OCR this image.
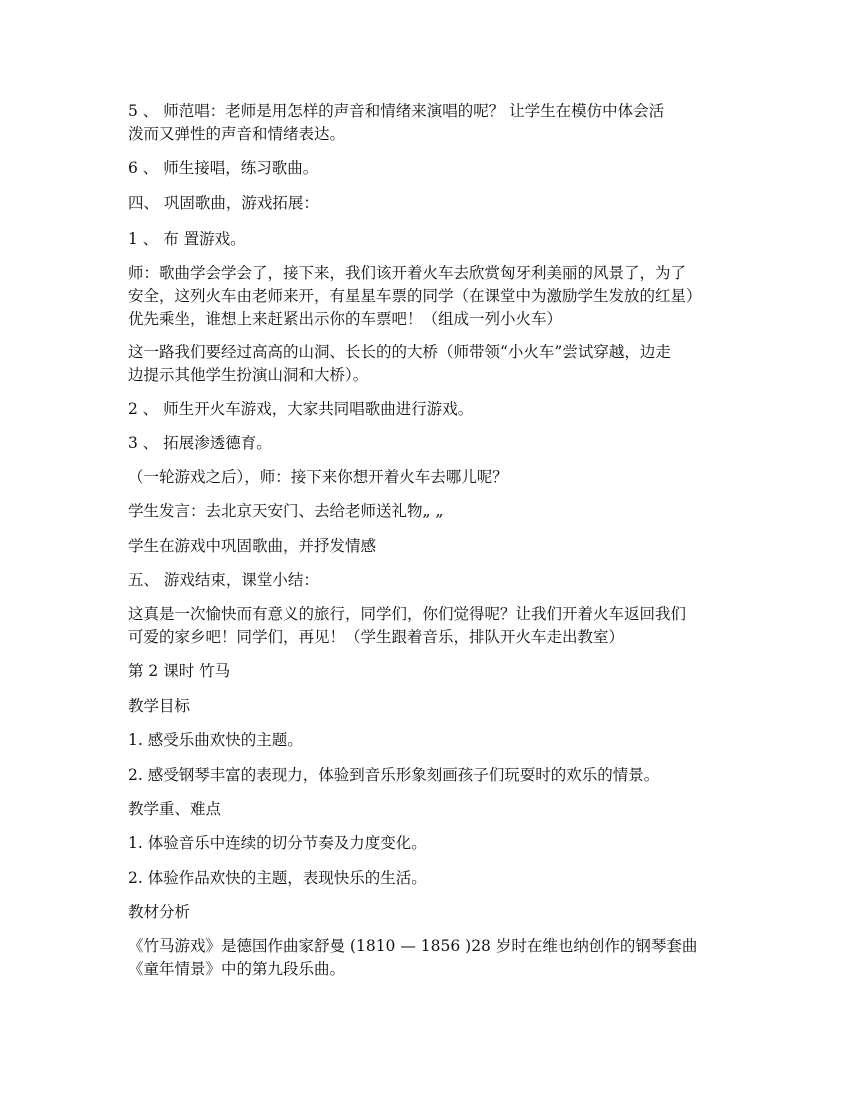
5 、 师范唱：老师是用怎样的声音和情绪来演唱的呢？ 让学生在模仿中体会活
泼而又弹性的声音和情绪表达。

6 、 师生接唱，练习歌曲。

四、 巩固歌曲，游戏拓展：

1 、 布 置游戏。

师：歌曲学会学会了，接下来，我们该开着火车去欣赏匈牙利美丽的风景了，为了
安全，这列火车由老师来开，有星星车票的同学（在课堂中为激励学生发放的红星）
优先乘坐，谁想上来赶紧出示你的车票吧！（组成一列小火车）

这一路我们要经过高高的山洞、长长的的大桥（师带领“小火车”尝试穿越，边走
边提示其他学生扮演山洞和大桥）。

2 、 师生开火车游戏，大家共同唱歌曲进行游戏。

3 、 拓展渗透德育。

（一轮游戏之后），师：接下来你想开着火车去哪儿呢？

学生发言：去北京天安门、去给老师送礼物„ „

学生在游戏中巩固歌曲，并抒发情感

五、 游戏结束，课堂小结：

这真是一次愉快而有意义的旅行，同学们，你们觉得呢？让我们开着火车返回我们
可爱的家乡吧！同学们，再见！（学生跟着音乐，排队开火车走出教室）

第 2 课时 竹马

教学目标

1. 感受乐曲欢快的主题。

2. 感受钢琴丰富的表现力，体验到音乐形象刻画孩子们玩耍时的欢乐的情景。

教学重、难点

1. 体验音乐中连续的切分节奏及力度变化。

2. 体验作品欢快的主题，表现快乐的生活。

教材分析

《竹马游戏》是德国作曲家舒曼 (1810 — 1856 )28 岁时在维也纳创作的钢琴套曲
《童年情景》中的第九段乐曲。
